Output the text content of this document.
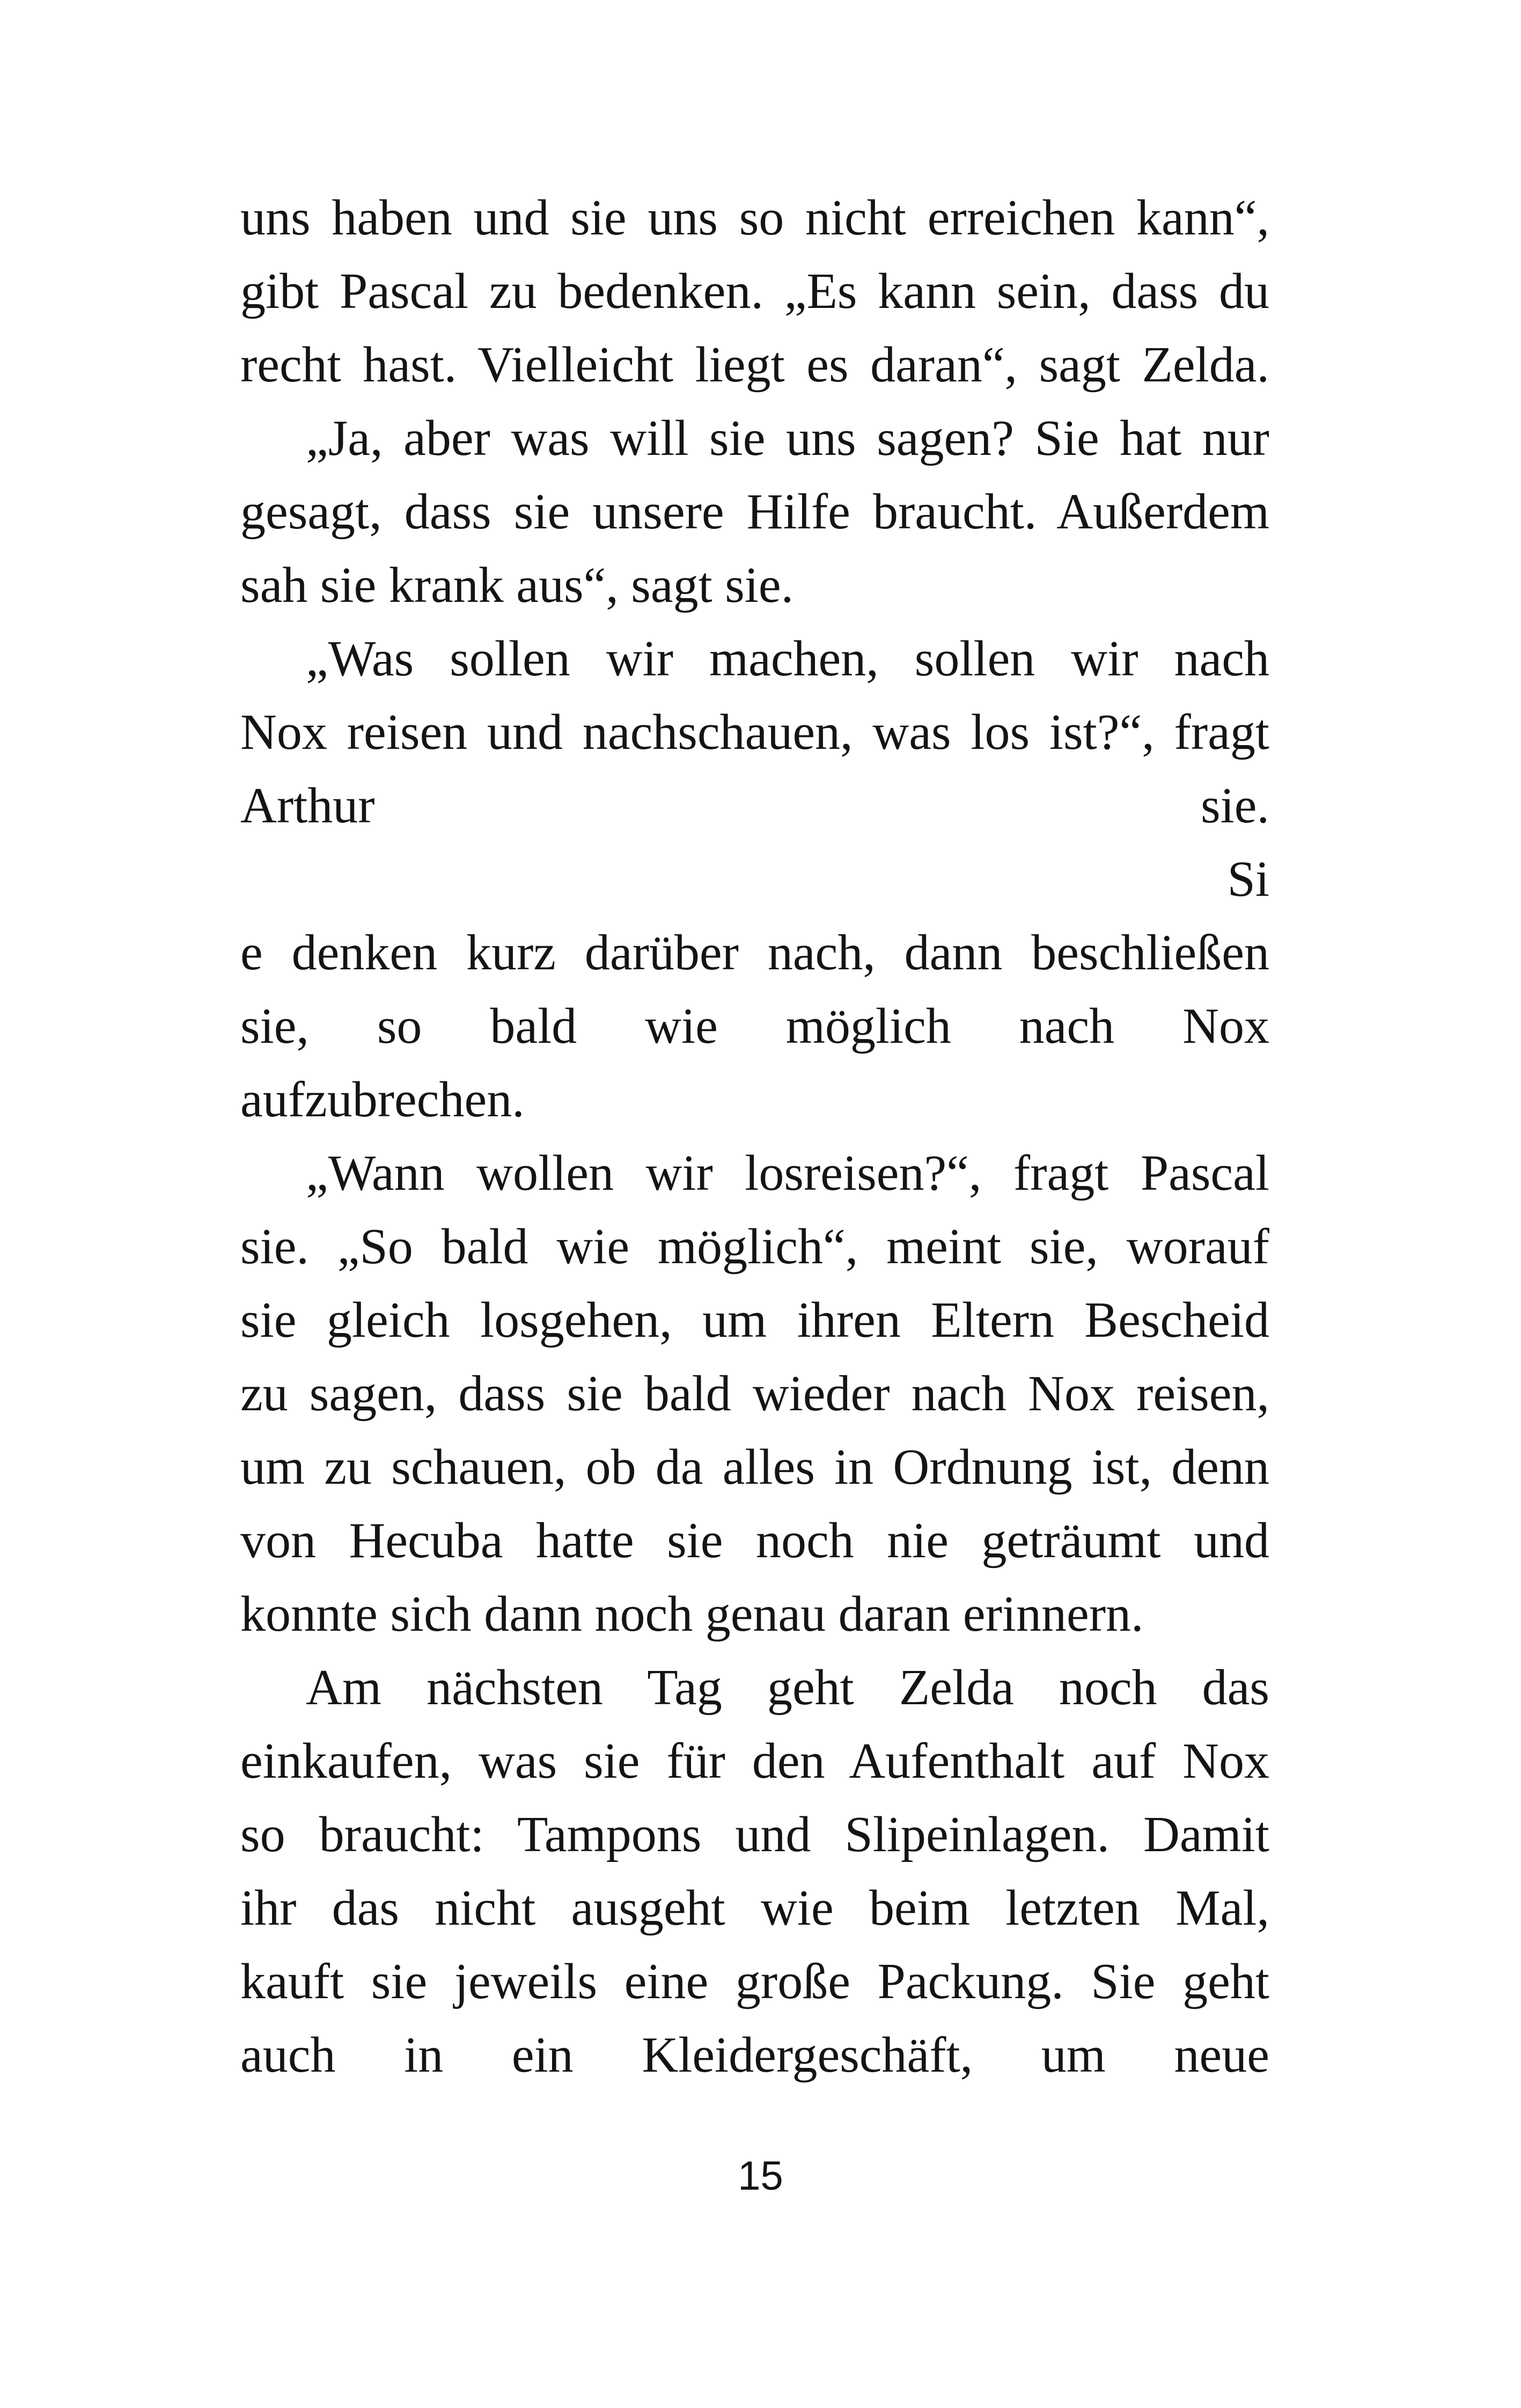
uns haben und sie uns so nicht erreichen kann“,
gibt Pascal zu bedenken. „Es kann sein, dass du
recht hast. Vielleicht liegt es daran“, sagt Zelda.
„Ja, aber was will sie uns sagen? Sie hat nur
gesagt, dass sie unsere Hilfe braucht. Außerdem
sah sie krank aus“, sagt sie.
„Was sollen wir machen, sollen wir nach
Nox reisen und nachschauen, was los ist?“, fragt
Arthur sie.
Si
e denken kurz darüber nach, dann beschließen
sie, so bald wie möglich nach Nox
aufzubrechen.
„Wann wollen wir losreisen?“, fragt Pascal
sie. „So bald wie möglich“, meint sie, worauf
sie gleich losgehen, um ihren Eltern Bescheid
zu sagen, dass sie bald wieder nach Nox reisen,
um zu schauen, ob da alles in Ordnung ist, denn
von Hecuba hatte sie noch nie geträumt und
konnte sich dann noch genau daran erinnern.
Am nächsten Tag geht Zelda noch das
einkaufen, was sie für den Aufenthalt auf Nox
so braucht: Tampons und Slipeinlagen. Damit
ihr das nicht ausgeht wie beim letzten Mal,
kauft sie jeweils eine große Packung. Sie geht
auch in ein Kleidergeschäft, um neue
15
